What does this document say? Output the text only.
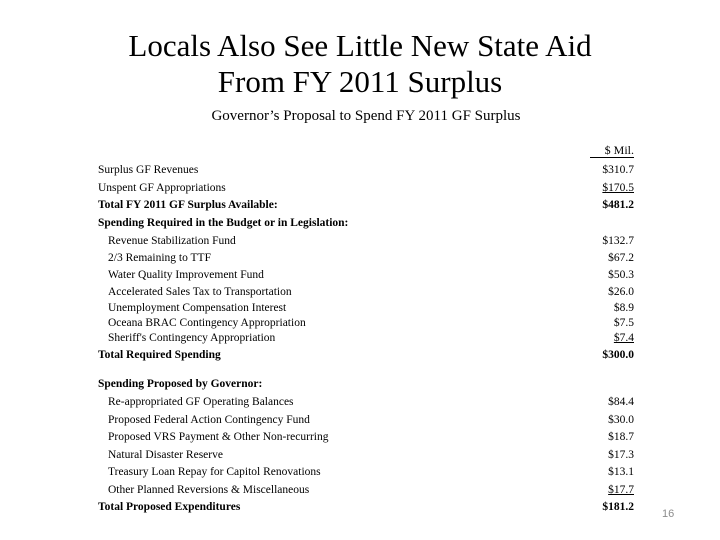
Locals Also See Little New State Aid
From FY 2011 Surplus
Governor’s Proposal to Spend FY 2011 GF Surplus
$ Mil.
Surplus GF Revenues	$310.7
Unspent GF Appropriations	$170.5
Total FY 2011 GF Surplus Available:	$481.2
Spending Required in the Budget or in Legislation:
Revenue Stabilization Fund	$132.7
2/3 Remaining to TTF	$67.2
Water Quality Improvement Fund	$50.3
Accelerated Sales Tax to Transportation	$26.0
Unemployment Compensation Interest	$8.9
Oceana BRAC Contingency Appropriation	$7.5
Sheriff's Contingency Appropriation	$7.4
Total Required Spending	$300.0
Spending Proposed by Governor:
Re-appropriated GF Operating Balances	$84.4
Proposed Federal Action Contingency Fund	$30.0
Proposed VRS Payment & Other Non-recurring	$18.7
Natural Disaster Reserve	$17.3
Treasury Loan Repay for Capitol Renovations	$13.1
Other Planned Reversions & Miscellaneous	$17.7
Total Proposed Expenditures	$181.2
16
